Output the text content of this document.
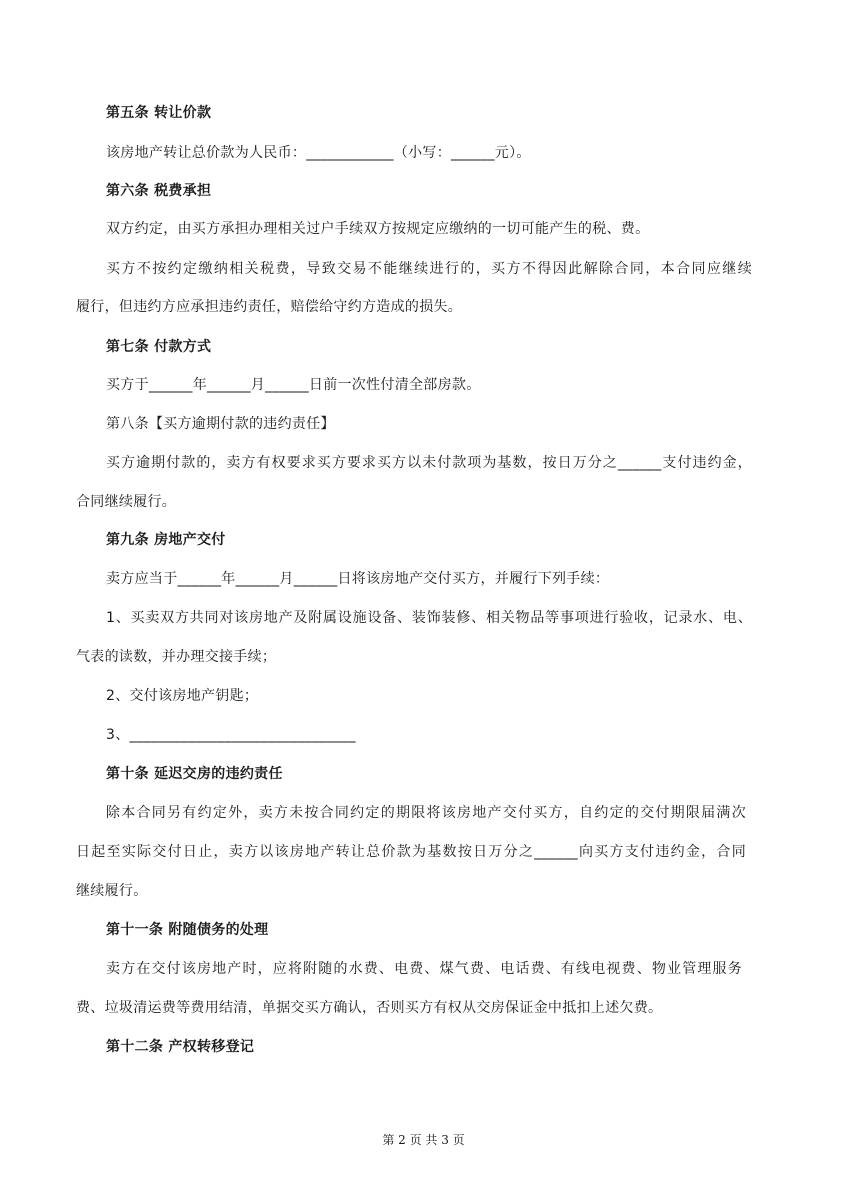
第五条 转让价款
该房地产转让总价款为人民币：____________（小写：______元）。
第六条 税费承担
双方约定，由买方承担办理相关过户手续双方按规定应缴纳的一切可能产生的税、费。
买方不按约定缴纳相关税费，导致交易不能继续进行的，买方不得因此解除合同，本合同应继续
履行，但违约方应承担违约责任，赔偿给守约方造成的损失。
第七条 付款方式
买方于______年______月______日前一次性付清全部房款。
第八条【买方逾期付款的违约责任】
买方逾期付款的，卖方有权要求买方要求买方以未付款项为基数，按日万分之______支付违约金，
合同继续履行。
第九条 房地产交付
卖方应当于______年______月______日将该房地产交付买方，并履行下列手续：
1、买卖双方共同对该房地产及附属设施设备、装饰装修、相关物品等事项进行验收，记录水、电、
气表的读数，并办理交接手续；
2、交付该房地产钥匙；
3、_______________________________
第十条 延迟交房的违约责任
除本合同另有约定外，卖方未按合同约定的期限将该房地产交付买方，自约定的交付期限届满次
日起至实际交付日止，卖方以该房地产转让总价款为基数按日万分之______向买方支付违约金，合同
继续履行。
第十一条 附随债务的处理
卖方在交付该房地产时，应将附随的水费、电费、煤气费、电话费、有线电视费、物业管理服务
费、垃圾清运费等费用结清，单据交买方确认，否则买方有权从交房保证金中抵扣上述欠费。
第十二条 产权转移登记
第 2 页 共 3 页
